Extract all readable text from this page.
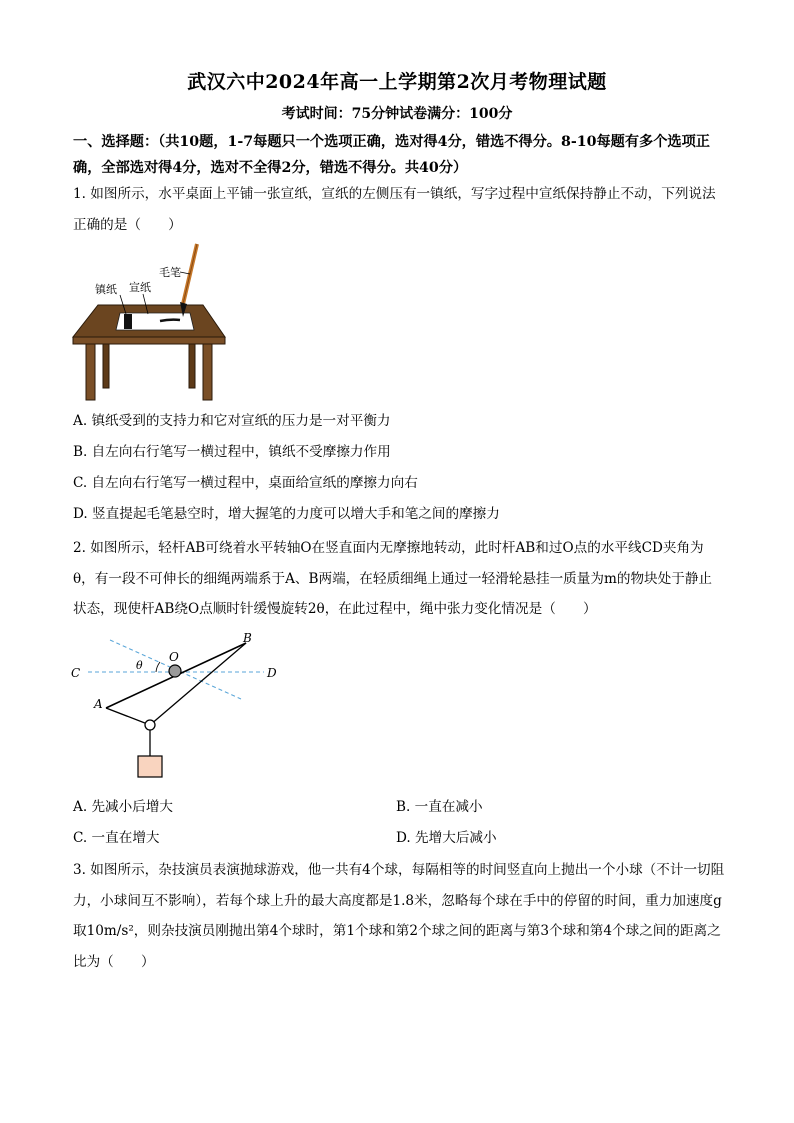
武汉六中2024年高一上学期第2次月考物理试题
考试时间：75分钟试卷满分：100分
一、选择题：（共10题，1-7每题只一个选项正确，选对得4分，错选不得分。8-10每题有多个选项正确，全部选对得4分，选对不全得2分，错选不得分。共40分）
1. 如图所示，水平桌面上平铺一张宣纸，宣纸的左侧压有一镇纸，写字过程中宣纸保持静止不动，下列说法正确的是（　　）
毛笔
镇纸 宣纸
A. 镇纸受到的支持力和它对宣纸的压力是一对平衡力
B. 自左向右行笔写一横过程中，镇纸不受摩擦力作用
C. 自左向右行笔写一横过程中，桌面给宣纸的摩擦力向右
D. 竖直提起毛笔悬空时，增大握笔的力度可以增大手和笔之间的摩擦力
2. 如图所示，轻杆AB可绕着水平转轴O在竖直面内无摩擦地转动，此时杆AB和过O点的水平线CD夹角为θ，有一段不可伸长的细绳两端系于A、B两端，在轻质细绳上通过一轻滑轮悬挂一质量为m的物块处于静止状态，现使杆AB绕O点顺时针缓慢旋转2θ，在此过程中，绳中张力变化情况是（　　）
C	D
A
B
O
θ
A. 先减小后增大	B. 一直在减小
C. 一直在增大	D. 先增大后减小
3. 如图所示，杂技演员表演抛球游戏，他一共有4个球，每隔相等的时间竖直向上抛出一个小球（不计一切阻力，小球间互不影响），若每个球上升的最大高度都是1.8米，忽略每个球在手中的停留的时间，重力加速度g取10m/s²，则杂技演员刚抛出第4个球时，第1个球和第2个球之间的距离与第3个球和第4个球之间的距离之比为（　　）
